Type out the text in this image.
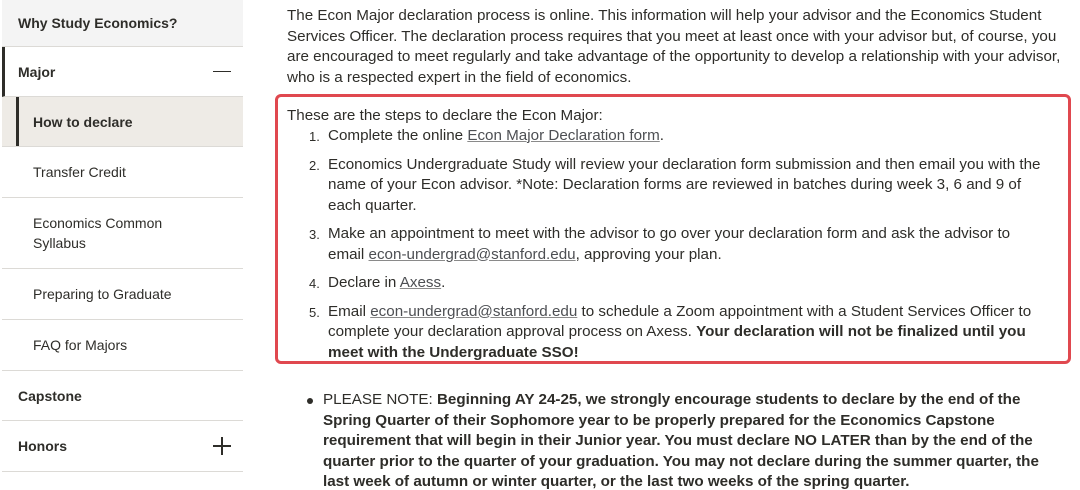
Why Study Economics?
Major
How to declare
Transfer Credit
Economics Common Syllabus
Preparing to Graduate
FAQ for Majors
Capstone
Honors

The Econ Major declaration process is online. This information will help your advisor and the Economics Student Services Officer. The declaration process requires that you meet at least once with your advisor but, of course, you are encouraged to meet regularly and take advantage of the opportunity to develop a relationship with your advisor, who is a respected expert in the field of economics.

These are the steps to declare the Econ Major:

1. Complete the online Econ Major Declaration form.
2. Economics Undergraduate Study will review your declaration form submission and then email you with the name of your Econ advisor. *Note: Declaration forms are reviewed in batches during week 3, 6 and 9 of each quarter.
3. Make an appointment to meet with the advisor to go over your declaration form and ask the advisor to email econ-undergrad@stanford.edu, approving your plan.
4. Declare in Axess.
5. Email econ-undergrad@stanford.edu to schedule a Zoom appointment with a Student Services Officer to complete your declaration approval process on Axess. Your declaration will not be finalized until you meet with the Undergraduate SSO!

PLEASE NOTE: Beginning AY 24-25, we strongly encourage students to declare by the end of the Spring Quarter of their Sophomore year to be properly prepared for the Economics Capstone requirement that will begin in their Junior year. You must declare NO LATER than by the end of the quarter prior to the quarter of your graduation. You may not declare during the summer quarter, the last week of autumn or winter quarter, or the last two weeks of the spring quarter.
